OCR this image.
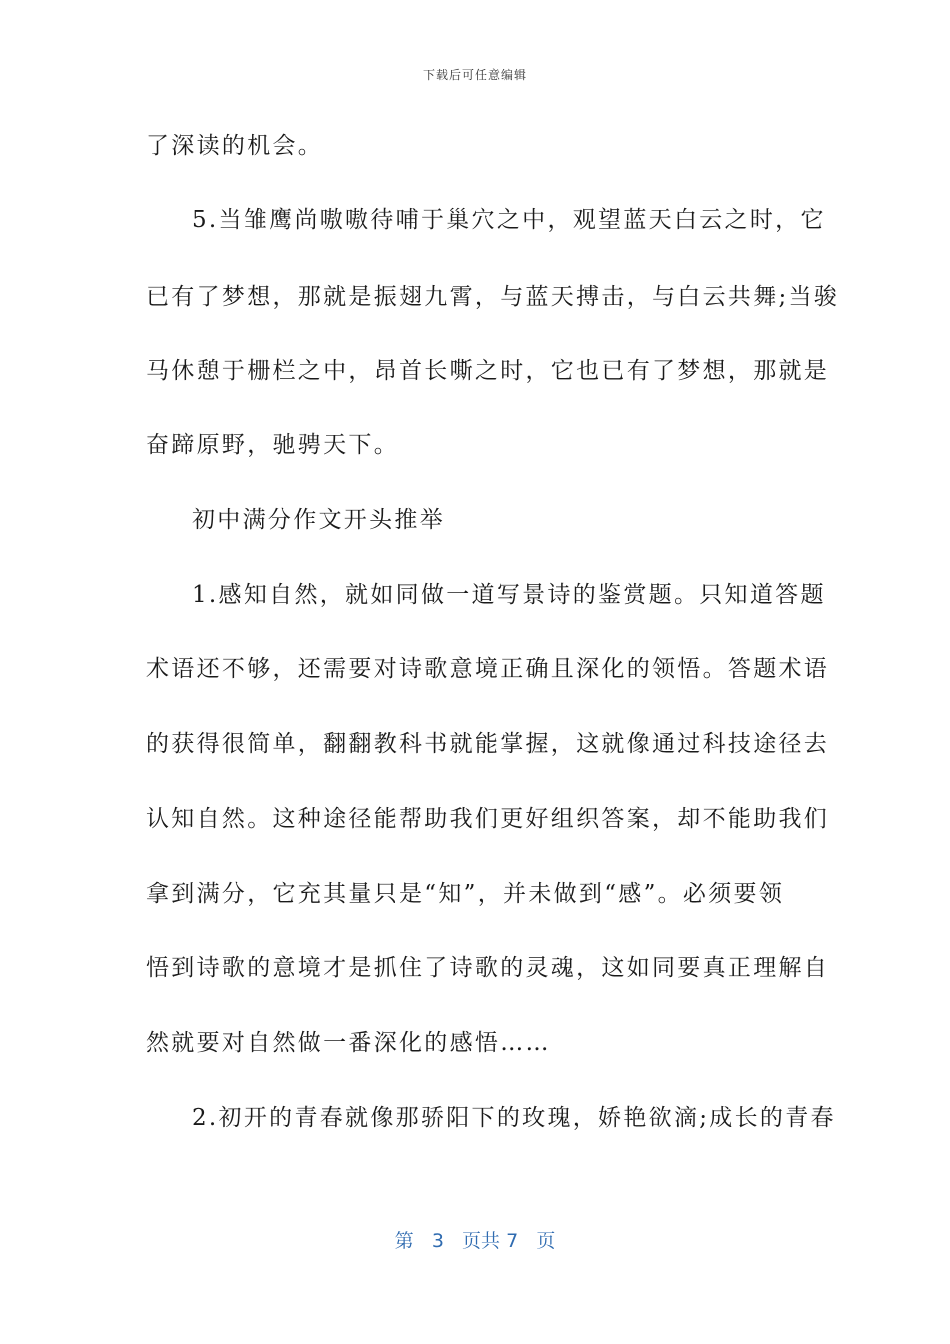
下载后可任意编辑
了深读的机会。
5.当雏鹰尚嗷嗷待哺于巢穴之中，观望蓝天白云之时，它
已有了梦想，那就是振翅九霄，与蓝天搏击，与白云共舞;当骏
马休憩于栅栏之中，昂首长嘶之时，它也已有了梦想，那就是
奋蹄原野，驰骋天下。
初中满分作文开头推举
1.感知自然，就如同做一道写景诗的鉴赏题。只知道答题
术语还不够，还需要对诗歌意境正确且深化的领悟。答题术语
的获得很简单，翻翻教科书就能掌握，这就像通过科技途径去
认知自然。这种途径能帮助我们更好组织答案，却不能助我们
拿到满分，它充其量只是“知”，并未做到“感”。必须要领
悟到诗歌的意境才是抓住了诗歌的灵魂，这如同要真正理解自
然就要对自然做一番深化的感悟……
2.初开的青春就像那骄阳下的玫瑰，娇艳欲滴;成长的青春
第 3 页共 7 页
